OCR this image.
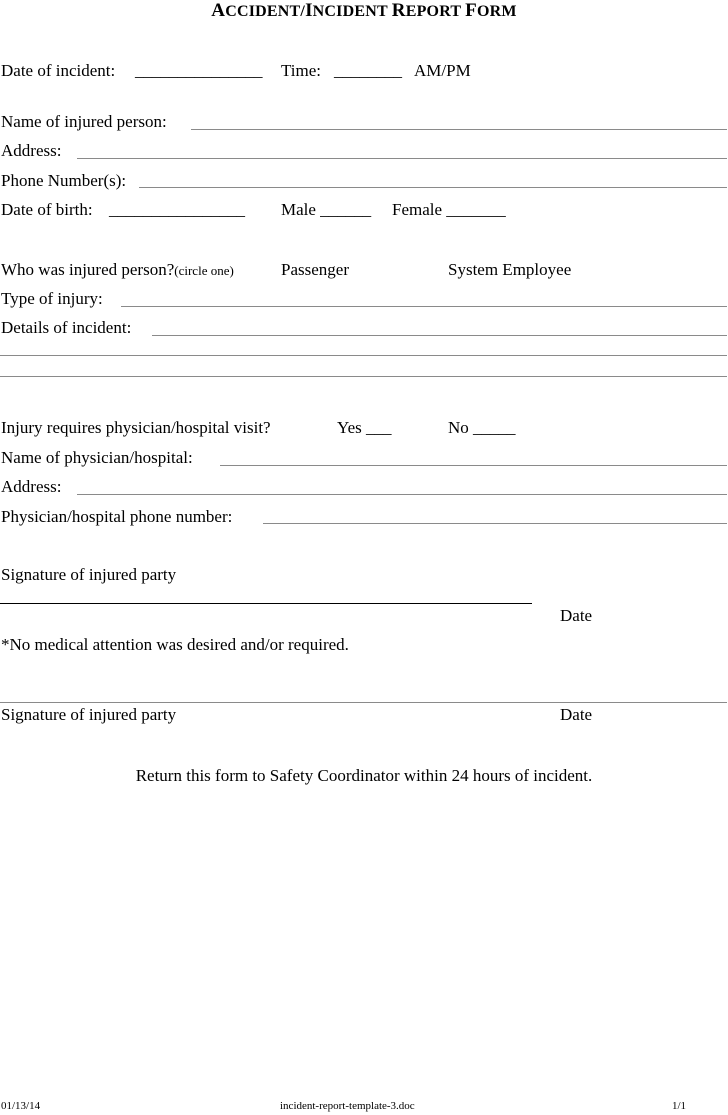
ACCIDENT/INCIDENT REPORT FORM
Date of incident: _______________ Time: ________ AM/PM
Name of injured person:
Address:
Phone Number(s):
Date of birth: ________________ Male ______ Female _______
Who was injured person?(circle one)	Passenger	System Employee
Type of injury:
Details of incident:
Injury requires physician/hospital visit?	Yes ___	No _____
Name of physician/hospital:
Address:
Physician/hospital phone number:
Signature of injured party
Date
*No medical attention was desired and/or required.
Signature of injured party	Date
Return this form to Safety Coordinator within 24 hours of incident.
01/13/14	incident-report-template-3.doc	1/1
